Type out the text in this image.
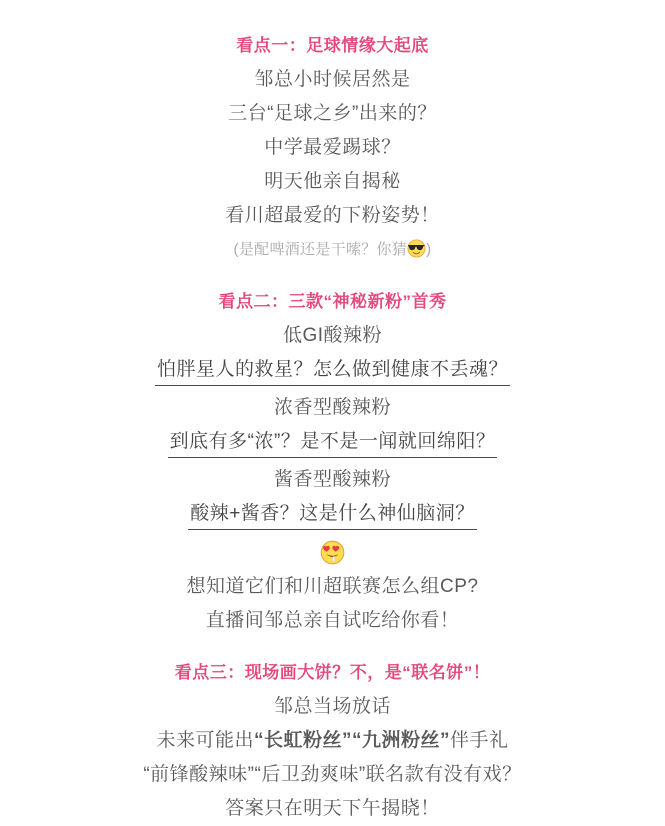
看点一：足球情缘大起底

邹总小时候居然是

三台“足球之乡”出来的？

中学最爱踢球？

明天他亲自揭秘

看川超最爱的下粉姿势！

(是配啤酒还是干嗦？你猜 )

看点二：三款“神秘新粉”首秀

低GI酸辣粉

怕胖星人的救星？怎么做到健康不丢魂？

浓香型酸辣粉

到底有多“浓”？是不是一闻就回绵阳？

酱香型酸辣粉

酸辣+酱香？这是什么神仙脑洞？

想知道它们和川超联赛怎么组CP?

直播间邹总亲自试吃给你看！

看点三：现场画大饼？不，是“联名饼”！

邹总当场放话

未来可能出“长虹粉丝”“九洲粉丝”伴手礼

“前锋酸辣味”“后卫劲爽味”联名款有没有戏？

答案只在明天下午揭晓！
